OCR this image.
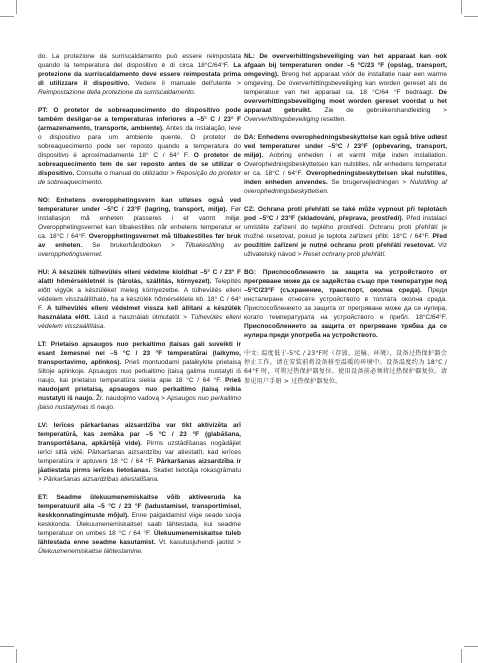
do. La protezione da surriscaldamento può essere reimpostata quando la temperatura del dispositivo è di circa 18°C/64°F. La protezione da surriscaldamento deve essere reimpostata prima di utilizzare il dispositivo. Vedere il manuale dell'utente > Reimpostazione della protezione da surriscaldamento.

PT: O protetor de sobreaquecimento do dispositivo pode também desligar-se a temperaturas inferiores a –5° C / 23° F (armazenamento, transporte, ambiente). Antes da instalação, leve o dispositivo para um ambiente quente. O protetor de sobreaquecimento pode ser reposto quando a temperatura do dispositivo é aproximadamente 18° C / 64° F. O protetor de sobreaquecimento tem de ser reposto antes de se utilizar o dispositivo. Consulte o manual do utilizador > Reposição do protetor de sobreaquecimento.

NO: Enhetens overopphetingsvern kan utløses også ved temperaturer under –5°C / 23°F (lagring, transport, miljø). Før installasjon må enheten plasseres i et varmt miljø. Overopphetingsvernet kan tilbakestilles når enhetens temperatur er ca. 18°C / 64°F. Overopphetingsvernet må tilbakestilles før bruk av enheten. Se brukerhåndboken > Tilbakestilling av overopphetingsvernet.

HU: A készülék túlhevülés elleni védelme kioldhat –5° C / 23° F alatti hőmérsékletnél is (tárolás, szállítás, környezet). Telepítés előtt vigyük a készüléket meleg környezetbe. A túlhevülés elleni védelem visszaállítható, ha a készülék hőmérséklete kb. 18° C / 64° F. A túlhevülés elleni védelmet vissza kell állítani a készülék használata előtt. Lásd a használati útmutatót > Túlhevülés elleni védelem visszaállítása.

LT: Prietaiso apsaugos nuo perkaitimo įtaisas gali suveikti ir esant žemesnei nei –5 °C / 23 °F temperatūrai (laikymo, transportavimo, aplinkos). Prieš montuodami palaikykite prietaisą šiltoje aplinkoje. Apsaugos nuo perkaitimo įtaisą galima nustatyti iš naujo, kai prietaiso temperatūra siekia apie 18 °C / 64 °F. Prieš naudojant prietaisą, apsaugos nuo perkaitimo įtaisą reikia nustatyti iš naujo. Žr. naudojimo vadovą > Apsaugos nuo perkaitimo įtaiso nustatymas iš naujo.

LV: Ierīces pārkaršanas aizsardzība var tikt aktivizēta arī temperatūrā, kas zemāka par –5 °C / 23 °F (glabāšana, transportēšana, apkārtējā vide). Pirms uzstādīšanas nogādājiet ierīci siltā vidē. Pārkaršanas aizsardzību var atiestatīt, kad ierīces temperatūra ir aptuveni 18 °C / 64 °F. Pārkaršanas aizsardzība ir jāatiestata pirms ierīces lietošanas. Skatiet lietotāja rokasgrāmatu > Pārkaršanas aizsardzības atiestatīšana.

ET: Seadme ülekuumenemiskaitse võib aktiveeruda ka temperatuuril alla –5 °C / 23 °F (ladustamisel, transportimisel, keskkonnatingimuste mõjul). Enne paigaldamist viige seade sooja keskkonda. Ülekuumenemiskaitset saab lähtestada, kui seadme temperatuur on umbes 18 °C / 64 °F. Ülekuumenemiskaitse tuleb lähtestada enne seadme kasutamist. Vt. kasutusjuhendi jaotist > Ülekuumenemiskaitse lähtestamine.

NL: De oververhittingsbeveiliging van het apparaat kan ook afgaan bij temperaturen onder –5 °C/23 °F (opslag, transport, omgeving). Breng het apparaat vóór de installatie naar een warme omgeving. De oververhittingsbeveiliging kan worden gereset als de temperatuur van het apparaat ca. 18 °C/64 °F bedraagt. De oververhittingsbeveiliging moet worden gereset voordat u het apparaat gebruikt. Zie de gebruikershandleiding > Oververhittingsbeveiliging resetten.

DA: Enhedens overophedningsbeskyttelse kan også blive udløst ved temperaturer under –5°C / 23°F (opbevaring, transport, miljø). Anbring enheden i et varmt miljø inden installation. Overophedningsbeskyttelsen kan nulstilles, når enhedens temperatur er ca. 18°C / 64°F. Overophedningsbeskyttelsen skal nulstilles, inden enheden anvendes. Se brugervejledningen > Nulstilling af overophedningsbeskyttelsen.

CZ: Ochrana proti přehřátí se také může vypnout při teplotách pod –5°C / 23°F (skladování, přeprava, prostředí). Před instalací umístěte zařízení do teplého prostředí. Ochranu proti přehřátí je možné resetovat, pokud je teplota zařízení přibl. 18°C / 64°F. Před použitím zařízení je nutné ochranu proti přehřátí resetovat. Viz uživatelský návod > Reset ochrany proti přehřátí.

BG: Приспособлението за защита на устройството от прегряване може да се задейства също при температури под –5°C/23°F (съхранение, транспорт, околна среда). Преди инсталиране отнесете устройството в топлата околна среда. Приспособлението за защита от прегряване може да се нулира, когато температурата на устройството е прибл. 18°C/64°F. Приспособлението за защита от прегряване трябва да се нулира преди употреба на устройството.

中文: 温度低于-5°C / 23°F时（存放、运输、环境），设备过热保护器会停止工作。请在安装前将设备移至温暖的环境中。设备温度约为 18°C / 64°F 时，可将过热保护器复位。使用设备前必须将过热保护器复位。请参见用户手册 > 过热保护器复位。
